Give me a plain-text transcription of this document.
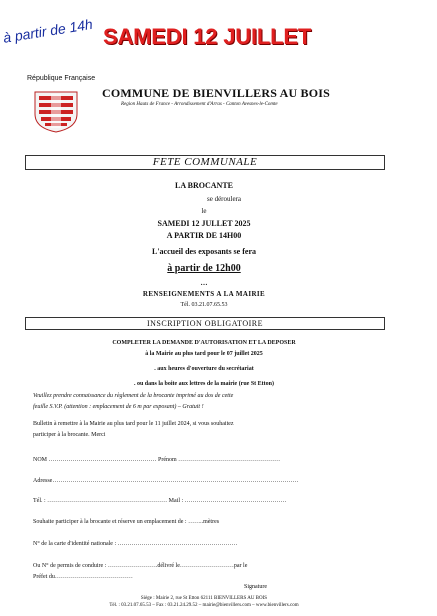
à partir de 14h SAMEDI 12 JUILLET
République Française
COMMUNE DE BIENVILLERS AU BOIS
Region Hauts de France - Arrondissement d'Arras - Canton Avesnes-le-Comte
FETE COMMUNALE
LA BROCANTE
se déroulera
le
SAMEDI 12 JULLET 2025
A PARTIR DE 14H00
L'accueil des exposants se fera
à partir de 12h00
…
RENSEIGNEMENTS A LA MAIRIE
Tél. 03.21.07.65.53
INSCRIPTION OBLIGATOIRE
COMPLETER LA DEMANDE D'AUTORISATION ET LA DEPOSER
à la Mairie au plus tard pour le 07 juillet 2025
. aux heures d'ouverture du secrétariat
. ou dans la boite aux lettres de la mairie (rue St Etton)
Veuillez prendre connaissance du règlement de la brocante imprimé au dos de cette
feuille S.V.P. (attention : emplacement de 6 m par exposant) – Gratuit !
Bulletin à remettre à la Mairie au plus tard pour le 11 juillet 2024, si vous souhaitez
participer à la brocante. Merci
NOM ……………………………………………… Prénom ……………………………………………
Adresse……………………………………………………………………………………………………………
Tél. : …………………………………………………… Mail : ……………………………………………
Souhaite participer à la brocante et réserve un emplacement de : ……..mètres
N° de la carte d'identité nationale : ……………………………………………………
Ou N° de permis de conduire : …………………….délivré le………………………par le
Préfet du…………………………………
Signature
Siège : Mairie 2, rue St Etton 62111 BIENVILLERS AU BOIS
Tél. : 03.21.07.65.53 – Fax : 03.21.24.29.52 – mairie@bienvillers.com – www.bienvillers.com
